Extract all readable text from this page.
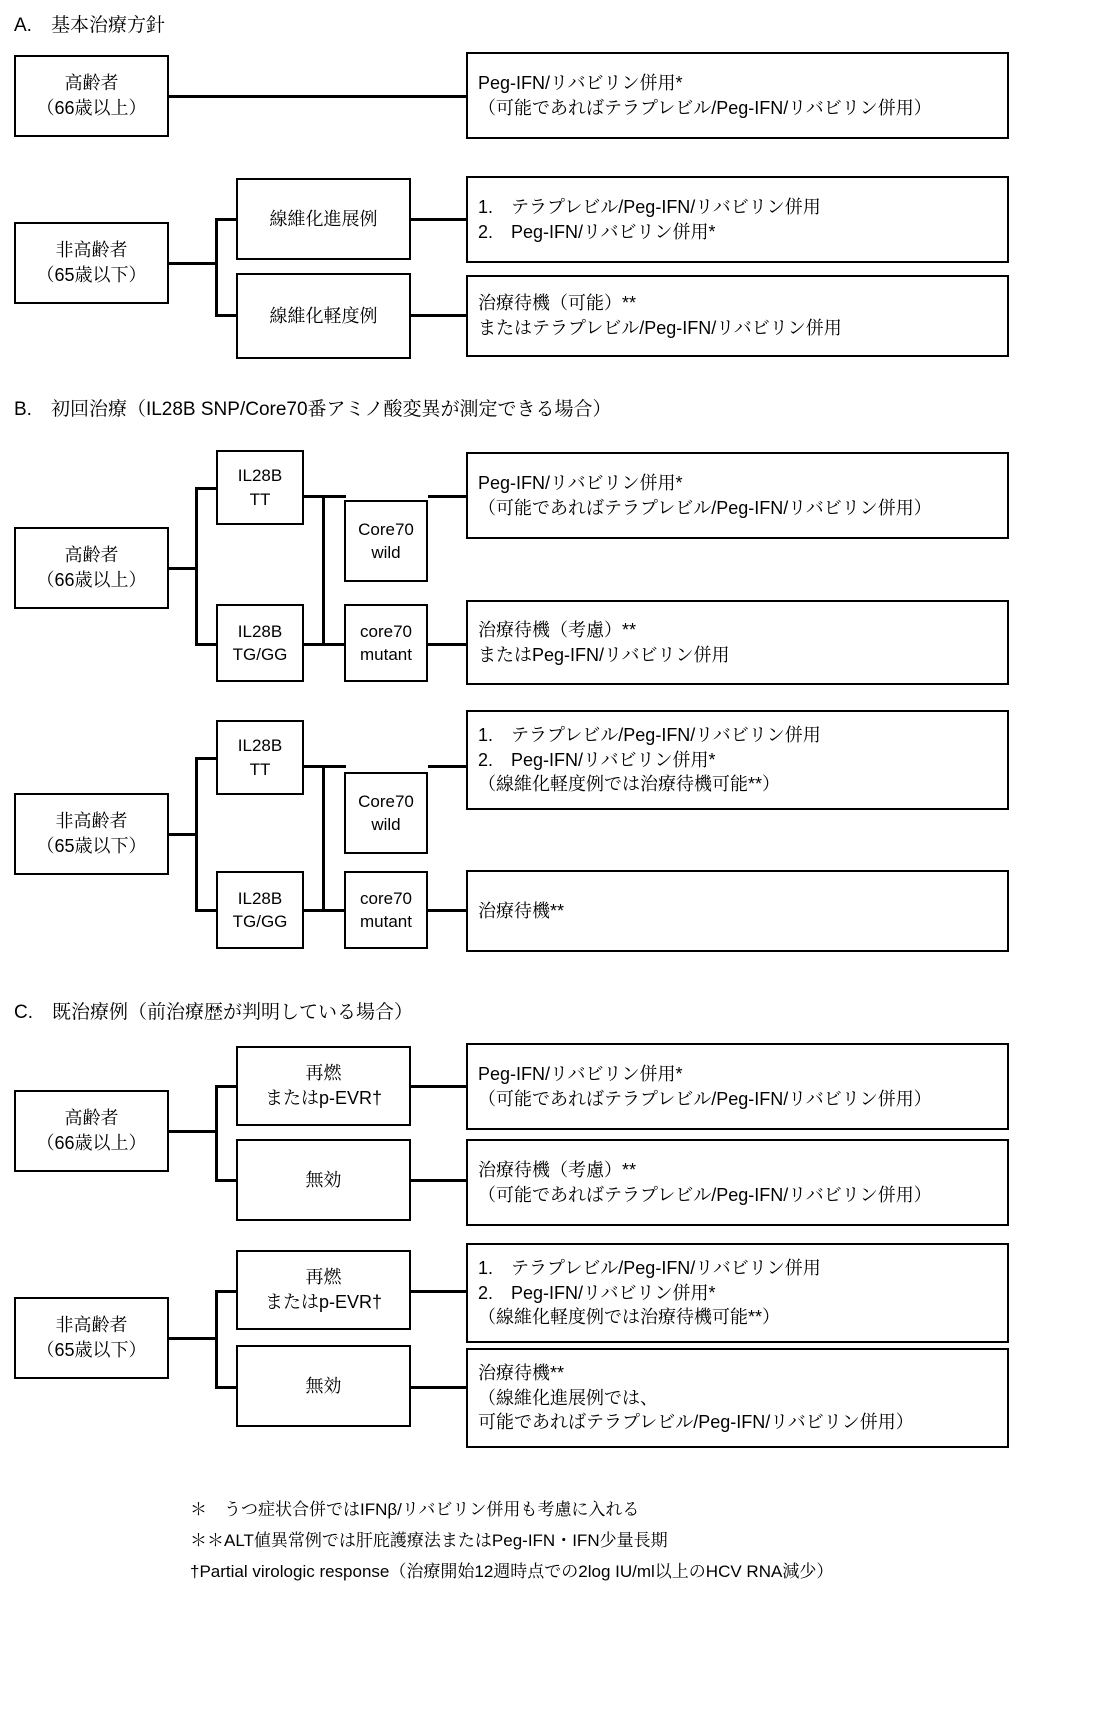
A.　基本治療方針
高齢者
（66歳以上）
Peg-IFN/リバビリン併用*
（可能であればテラプレビル/Peg-IFN/リバビリン併用）
非高齢者
（65歳以下）
線維化進展例
1.　テラプレビル/Peg-IFN/リバビリン併用
2.　Peg-IFN/リバビリン併用*
線維化軽度例
治療待機（可能）**
またはテラプレビル/Peg-IFN/リバビリン併用
B.　初回治療（IL28B SNP/Core70番アミノ酸変異が測定できる場合）
高齢者
（66歳以上）
IL28B
TT
IL28B
TG/GG
Core70
wild
core70
mutant
Peg-IFN/リバビリン併用*
（可能であればテラプレビル/Peg-IFN/リバビリン併用）
治療待機（考慮）**
またはPeg-IFN/リバビリン併用
非高齢者
（65歳以下）
IL28B
TT
IL28B
TG/GG
Core70
wild
core70
mutant
1.　テラプレビル/Peg-IFN/リバビリン併用
2.　Peg-IFN/リバビリン併用*
（線維化軽度例では治療待機可能**）
治療待機**
C.　既治療例（前治療歴が判明している場合）
高齢者
（66歳以上）
再燃
またはp-EVR†
Peg-IFN/リバビリン併用*
（可能であればテラプレビル/Peg-IFN/リバビリン併用）
無効	治療待機（考慮）**
（可能であればテラプレビル/Peg-IFN/リバビリン併用）
非高齢者
（65歳以下）
再燃
またはp-EVR†
1.　テラプレビル/Peg-IFN/リバビリン併用
2.　Peg-IFN/リバビリン併用*
（線維化軽度例では治療待機可能**）
無効
治療待機**
（線維化進展例では、
可能であればテラプレビル/Peg-IFN/リバビリン併用）
＊　うつ症状合併ではIFNβ/リバビリン併用も考慮に入れる
＊＊ALT値異常例では肝庇護療法またはPeg-IFN・IFN少量長期
†Partial virologic response（治療開始12週時点での2log IU/ml以上のHCV RNA減少）
